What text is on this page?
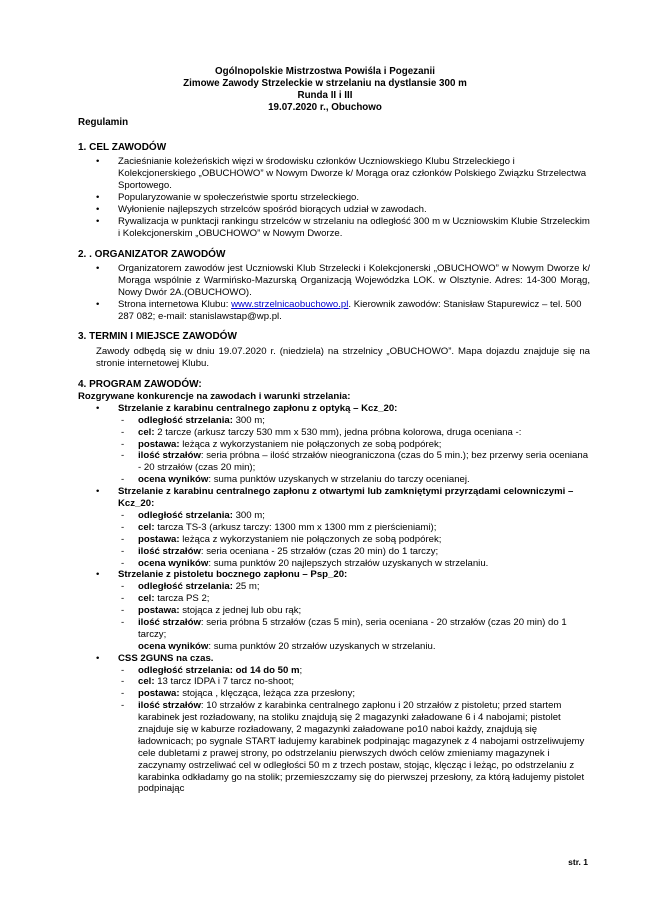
Ogólnopolskie Mistrzostwa Powiśla i Pogezanii
Zimowe Zawody Strzeleckie w strzelaniu na dystlansie 300 m
Runda II i III
19.07.2020 r., Obuchowo
Regulamin
1. CEL ZAWODÓW
• Zacieśnianie koleżeńskich więzi w środowisku członków Uczniowskiego Klubu Strzeleckiego i Kolekcjonerskiego „OBUCHOWO” w Nowym Dworze k/ Morąga oraz członków Polskiego Związku Strzelectwa Sportowego.
• Popularyzowanie w społeczeństwie sportu strzeleckiego.
• Wyłonienie najlepszych strzelców spośród biorących udział w zawodach.
• Rywalizacja w punktacji rankingu strzelców w strzelaniu na odległość 300 m w Uczniowskim Klubie Strzeleckim i Kolekcjonerskim „OBUCHOWO” w Nowym Dworze.
2. . ORGANIZATOR ZAWODÓW
• Organizatorem zawodów jest Uczniowski Klub Strzelecki i Kolekcjonerski „OBUCHOWO” w Nowym Dworze k/ Morąga wspólnie z Warmińsko-Mazurską Organizacją Wojewódzka LOK. w Olsztynie. Adres: 14-300 Morąg, Nowy Dwór 2A.(OBUCHOWO).
• Strona internetowa Klubu: www.strzelnicaobuchowo.pl. Kierownik zawodów: Stanisław Stapurewicz – tel. 500 287 082; e-mail: stanislawstap@wp.pl.
3. TERMIN I MIEJSCE ZAWODÓW
Zawody odbędą się w dniu 19.07.2020 r. (niedziela) na strzelnicy „OBUCHOWO”. Mapa dojazdu znajduje się na stronie internetowej Klubu.
4. PROGRAM ZAWODÓW:
Rozgrywane konkurencje na zawodach i warunki strzelania:
• Strzelanie z karabinu centralnego zapłonu z optyką – Kcz_20:
- odległość strzelania: 300 m;
- cel: 2 tarcze (arkusz tarczy 530 mm x 530 mm), jedna próbna kolorowa, druga oceniana -:
- postawa: leżąca z wykorzystaniem nie połączonych ze sobą podpórek;
- ilość strzałów: seria próbna – ilość strzałów nieograniczona (czas do 5 min.); bez przerwy seria oceniana - 20 strzałów (czas 20 min);
- ocena wyników: suma punktów uzyskanych w strzelaniu do tarczy ocenianej.
• Strzelanie z karabinu centralnego zapłonu z otwartymi lub zamkniętymi przyrządami celowniczymi – Kcz_20:
- odległość strzelania: 300 m;
- cel: tarcza TS-3 (arkusz tarczy: 1300 mm x 1300 mm z pierścieniami);
- postawa: leżąca z wykorzystaniem nie połączonych ze sobą podpórek;
- ilość strzałów: seria oceniana - 25 strzałów (czas 20 min) do 1 tarczy;
- ocena wyników: suma punktów 20 najlepszych strzałów uzyskanych w strzelaniu.
• Strzelanie z pistoletu bocznego zapłonu – Psp_20:
- odległość strzelania: 25 m;
- cel: tarcza PS 2;
- postawa: stojąca z jednej lub obu rąk;
- ilość strzałów: seria próbna 5 strzałów (czas 5 min), seria oceniana - 20 strzałów (czas 20 min) do 1 tarczy;
ocena wyników: suma punktów 20 strzałów uzyskanych w strzelaniu.
• CSS 2GUNS na czas.
- odległość strzelania: od 14 do 50 m;
- cel: 13 tarcz IDPA i 7 tarcz no-shoot;
- postawa: stojąca , klęcząca, leżąca zza przesłony;
- ilość strzałów: 10 strzałów z karabinka centralnego zapłonu i 20 strzałów z pistoletu; przed startem karabinek jest rozładowany, na stoliku znajdują się 2 magazynki załadowane 6 i 4 nabojami; pistolet znajduje się w kaburze rozładowany, 2 magazynki załadowane po10 naboi każdy, znajdują się ładownicach; po sygnale START ładujemy karabinek podpinając magazynek z 4 nabojami ostrzeliwujemy cele dubletami z prawej strony, po odstrzelaniu pierwszych dwóch celów zmieniamy magazynek i zaczynamy ostrzeliwać cel w odległości 50 m z trzech postaw, stojąc, klęcząc i leżąc, po odstrzelaniu z karabinka odkładamy go na stolik; przemieszczamy się do pierwszej przesłony, za którą ładujemy pistolet podpinając
str. 1
